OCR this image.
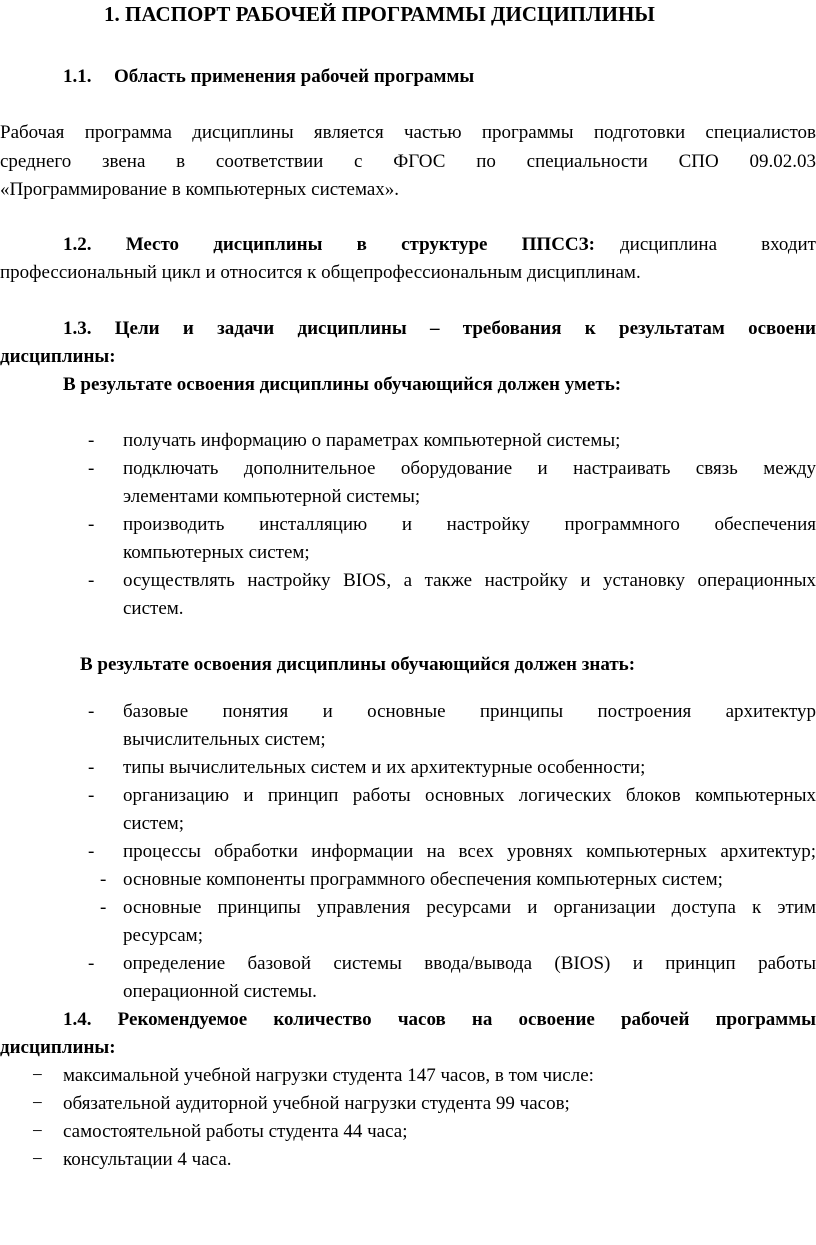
1. ПАСПОРТ РАБОЧЕЙ ПРОГРАММЫ ДИСЦИПЛИНЫ
1.1. Область применения рабочей программы
Рабочая программа дисциплины является частью программы подготовки специалистов
среднего звена в соответствии с ФГОС по специальности СПО 09.02.03
«Программирование в компьютерных системах».
1.2. Место дисциплины в структуре ППССЗ: дисциплина входит
профессиональный цикл и относится к общепрофессиональным дисциплинам.
1.3. Цели и задачи дисциплины – требования к результатам освоени
дисциплины:
В результате освоения дисциплины обучающийся должен уметь:
- получать информацию о параметрах компьютерной системы;
- подключать дополнительное оборудование и настраивать связь между
элементами компьютерной системы;
- производить инсталляцию и настройку программного обеспечения
компьютерных систем;
- осуществлять настройку BIOS, а также настройку и установку операционных
систем.
В результате освоения дисциплины обучающийся должен знать:
- базовые понятия и основные принципы построения архитектур
вычислительных систем;
- типы вычислительных систем и их архитектурные особенности;
- организацию и принцип работы основных логических блоков компьютерных
систем;
- процессы обработки информации на всех уровнях компьютерных архитектур;
- основные компоненты программного обеспечения компьютерных систем;
- основные принципы управления ресурсами и организации доступа к этим
ресурсам;
- определение базовой системы ввода/вывода (BIOS) и принцип работы
операционной системы.
1.4. Рекомендуемое количество часов на освоение рабочей программы
дисциплины:
− максимальной учебной нагрузки студента 147 часов, в том числе:
− обязательной аудиторной учебной нагрузки студента 99 часов;
− самостоятельной работы студента 44 часа;
− консультации 4 часа.
